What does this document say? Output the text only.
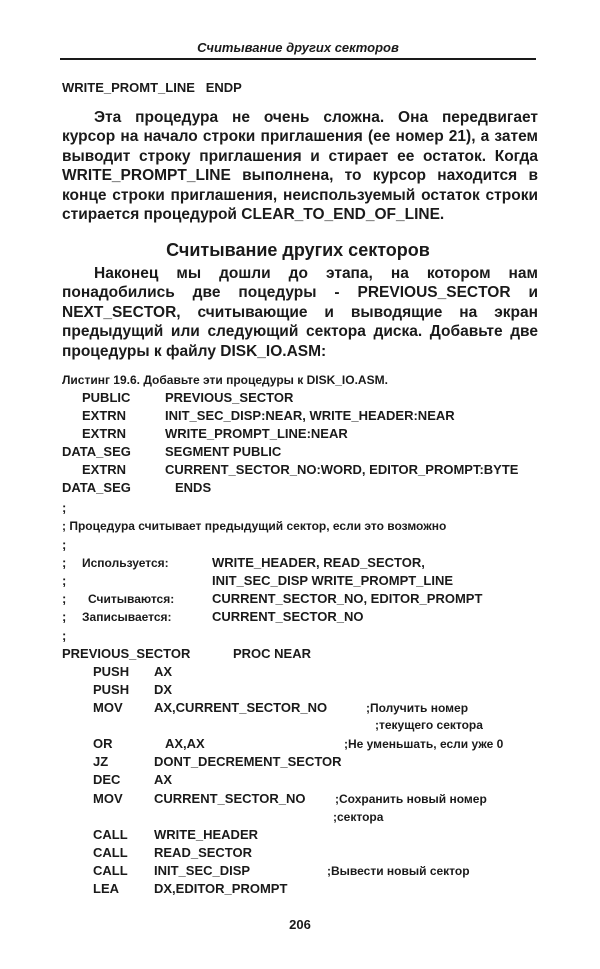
Считывание других секторов
WRITE_PROMT_LINE   ENDP

Эта процедура не очень сложна. Она передвигает курсор на начало строки приглашения (ее номер 21), а затем выводит строку приглашения и стирает ее остаток. Когда WRITE_PROMPT_LINE выполнена, то курсор находится в конце строки приглашения, неиспользуемый остаток строки стирается процедурой CLEAR_TO_END_OF_LINE.

Считывание других секторов

Наконец мы дошли до этапа, на котором нам понадобились две поцедуры - PREVIOUS_SECTOR и NEXT_SECTOR, считывающие и выводящие на экран предыдущий или следующий сектора диска. Добавьте две процедуры к файлу DISK_IO.ASM:

Листинг 19.6. Добавьте эти процедуры к DISK_IO.ASM.
PUBLIC	PREVIOUS_SECTOR
EXTRN	INIT_SEC_DISP:NEAR, WRITE_HEADER:NEAR
EXTRN	WRITE_PROMPT_LINE:NEAR
DATA_SEG	SEGMENT PUBLIC
EXTRN	CURRENT_SECTOR_NO:WORD, EDITOR_PROMPT:BYTE
DATA_SEG	ENDS
;
; Процедура считывает предыдущий сектор, если это возможно
;
; Используется:	WRITE_HEADER, READ_SECTOR,
;	INIT_SEC_DISP WRITE_PROMPT_LINE
; Считываются:	CURRENT_SECTOR_NO, EDITOR_PROMPT
; Записывается:	CURRENT_SECTOR_NO
;
PREVIOUS_SECTOR	PROC NEAR
PUSH AX
PUSH DX
MOV AX,CURRENT_SECTOR_NO	;Получить номер
;текущего сектора
OR	AX,AX	;Не уменьшать, если уже 0
JZ	DONT_DECREMENT_SECTOR
DEC	AX
MOV CURRENT_SECTOR_NO ;Сохранить новый номер
;сектора
CALL WRITE_HEADER
CALL READ_SECTOR
CALL INIT_SEC_DISP	;Вывести новый сектор
LEA	DX,EDITOR_PROMPT
206
